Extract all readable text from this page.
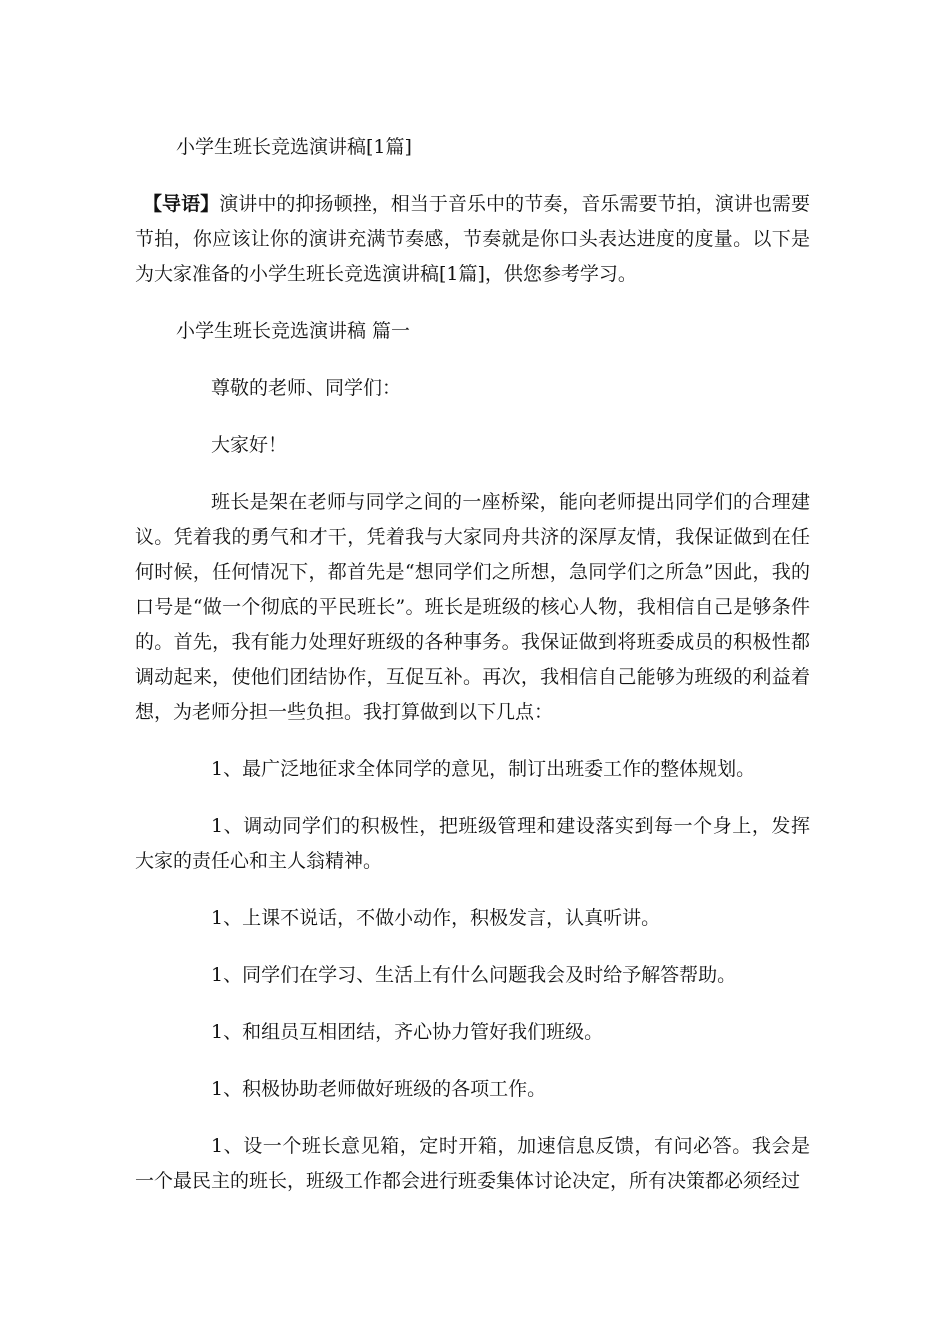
小学生班长竞选演讲稿[1篇]

【导语】演讲中的抑扬顿挫，相当于音乐中的节奏，音乐需要节拍，演讲也需要节拍，你应该让你的演讲充满节奏感，节奏就是你口头表达进度的度量。以下是为大家准备的小学生班长竞选演讲稿[1篇]，供您参考学习。

小学生班长竞选演讲稿 篇一

尊敬的老师、同学们：

大家好！

班长是架在老师与同学之间的一座桥梁，能向老师提出同学们的合理建议。凭着我的勇气和才干，凭着我与大家同舟共济的深厚友情，我保证做到在任何时候，任何情况下，都首先是“想同学们之所想，急同学们之所急”因此，我的口号是“做一个彻底的平民班长”。班长是班级的核心人物，我相信自己是够条件的。首先，我有能力处理好班级的各种事务。我保证做到将班委成员的积极性都调动起来，使他们团结协作，互促互补。再次，我相信自己能够为班级的利益着想，为老师分担一些负担。我打算做到以下几点：

1、最广泛地征求全体同学的意见，制订出班委工作的整体规划。

1、调动同学们的积极性，把班级管理和建设落实到每一个身上，发挥大家的责任心和主人翁精神。

1、上课不说话，不做小动作，积极发言，认真听讲。

1、同学们在学习、生活上有什么问题我会及时给予解答帮助。

1、和组员互相团结，齐心协力管好我们班级。

1、积极协助老师做好班级的各项工作。

1、设一个班长意见箱，定时开箱，加速信息反馈，有问必答。我会是一个最民主的班长，班级工作都会进行班委集体讨论决定，所有决策都必须经过
